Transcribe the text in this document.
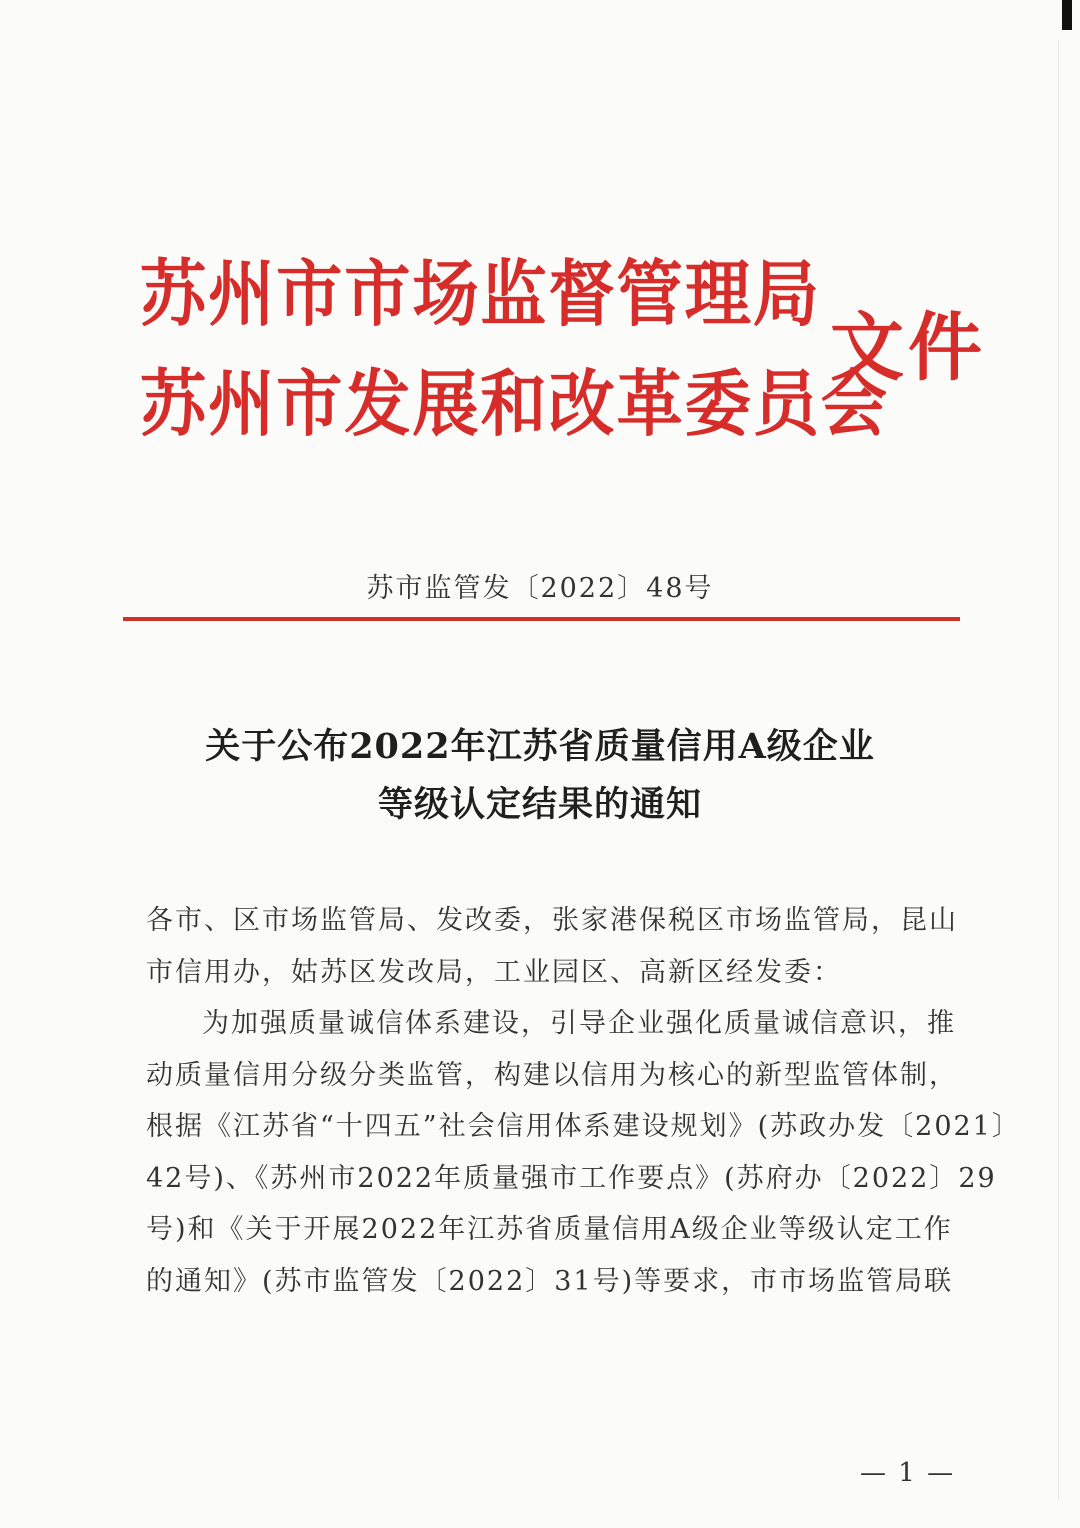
苏州市市场监督管理局
苏州市发展和改革委员会
文件
苏市监管发〔2022〕48号
关于公布2022年江苏省质量信用A级企业
等级认定结果的通知
各市、区市场监管局、发改委，张家港保税区市场监管局，昆山
市信用办，姑苏区发改局，工业园区、高新区经发委：
为加强质量诚信体系建设，引导企业强化质量诚信意识，推
动质量信用分级分类监管，构建以信用为核心的新型监管体制，
根据《江苏省“十四五”社会信用体系建设规划》(苏政办发〔2021〕
42号)、《苏州市2022年质量强市工作要点》(苏府办〔2022〕29
号)和《关于开展2022年江苏省质量信用A级企业等级认定工作
的通知》(苏市监管发〔2022〕31号)等要求，市市场监管局联
— 1 —
